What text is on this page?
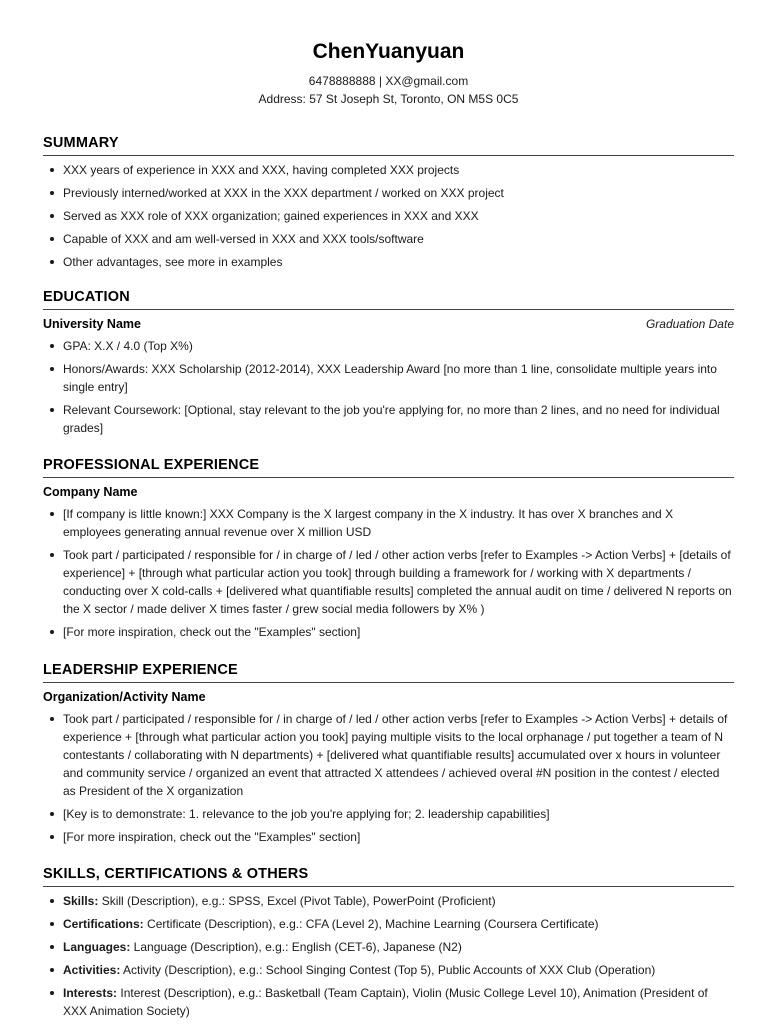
ChenYuanyuan
6478888888 | XX@gmail.com
Address: 57 St Joseph St, Toronto, ON M5S 0C5
SUMMARY
XXX years of experience in XXX and XXX, having completed XXX projects
Previously interned/worked at XXX in the XXX department / worked on XXX project
Served as XXX role of XXX organization; gained experiences in XXX and XXX
Capable of XXX and am well-versed in XXX and XXX tools/software
Other advantages, see more in examples
EDUCATION
University Name	Graduation Date
GPA: X.X / 4.0 (Top X%)
Honors/Awards: XXX Scholarship (2012-2014), XXX Leadership Award [no more than 1 line, consolidate multiple years into single entry]
Relevant Coursework: [Optional, stay relevant to the job you're applying for, no more than 2 lines, and no need for individual grades]
PROFESSIONAL EXPERIENCE
Company Name
[If company is little known:] XXX Company is the X largest company in the X industry. It has over X branches and X employees generating annual revenue over X million USD
Took part / participated / responsible for / in charge of / led / other action verbs [refer to Examples -> Action Verbs] + [details of experience] + [through what particular action you took] through building a framework for / working with X departments / conducting over X cold-calls + [delivered what quantifiable results] completed the annual audit on time / delivered N reports on the X sector / made deliver X times faster / grew social media followers by X% )
[For more inspiration, check out the "Examples" section]
LEADERSHIP EXPERIENCE
Organization/Activity Name
Took part / participated / responsible for / in charge of / led / other action verbs [refer to Examples -> Action Verbs] + details of experience + [through what particular action you took] paying multiple visits to the local orphanage / put together a team of N contestants / collaborating with N departments) + [delivered what quantifiable results] accumulated over x hours in volunteer and community service / organized an event that attracted X attendees / achieved overal #N position in the contest / elected as President of the X organization
[Key is to demonstrate: 1. relevance to the job you're applying for; 2. leadership capabilities]
[For more inspiration, check out the "Examples" section]
SKILLS, CERTIFICATIONS & OTHERS
Skills: Skill (Description), e.g.: SPSS, Excel (Pivot Table), PowerPoint (Proficient)
Certifications: Certificate (Description), e.g.: CFA (Level 2), Machine Learning (Coursera Certificate)
Languages: Language (Description), e.g.: English (CET-6), Japanese (N2)
Activities: Activity (Description), e.g.: School Singing Contest (Top 5), Public Accounts of XXX Club (Operation)
Interests: Interest (Description), e.g.: Basketball (Team Captain), Violin (Music College Level 10), Animation (President of XXX Animation Society)
